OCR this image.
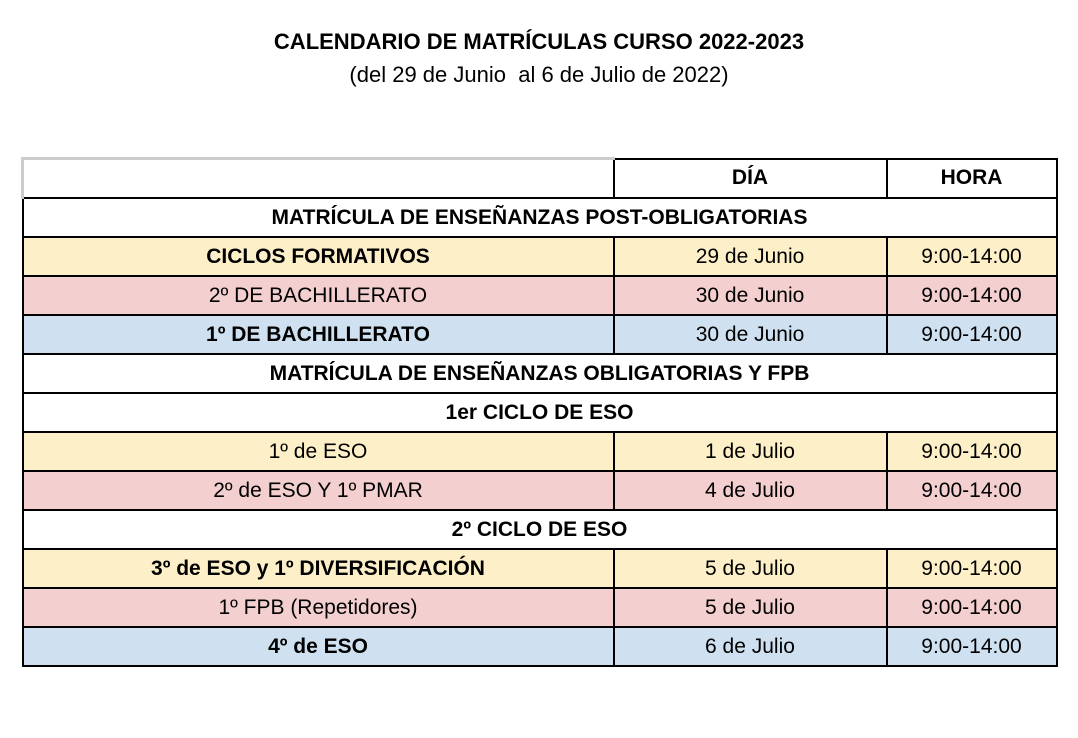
CALENDARIO DE MATRÍCULAS CURSO 2022-2023
(del 29 de Junio  al 6 de Julio de 2022)
	DÍA	HORA
MATRÍCULA DE ENSEÑANZAS POST-OBLIGATORIAS		
CICLOS FORMATIVOS	29 de Junio	9:00-14:00
2º DE BACHILLERATO	30 de Junio	9:00-14:00
1º DE BACHILLERATO	30 de Junio	9:00-14:00
MATRÍCULA DE ENSEÑANZAS OBLIGATORIAS Y FPB		
1er CICLO DE ESO		
1º de ESO	1 de Julio	9:00-14:00
2º de ESO Y 1º PMAR	4 de Julio	9:00-14:00
2º CICLO DE ESO		
3º de ESO y 1º DIVERSIFICACIÓN	5 de Julio	9:00-14:00
1º FPB (Repetidores)	5 de Julio	9:00-14:00
4º de ESO	6 de Julio	9:00-14:00
